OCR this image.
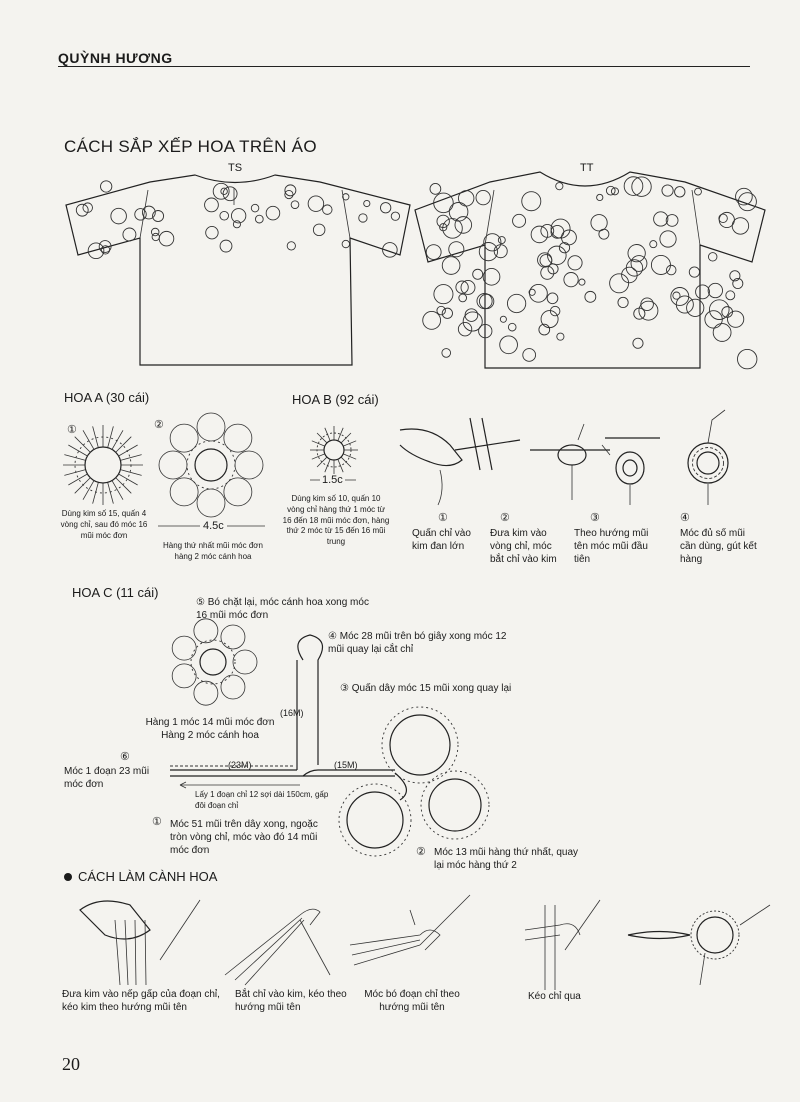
QUỲNH HƯƠNG
CÁCH SẮP XẾP HOA TRÊN ÁO
TS	TT
HOA A (30 cái)
①	②
Dùng kim số 15, quấn 4 vòng chỉ, sau đó móc 16 mũi móc đơn
4.5c
Hàng thứ nhất mũi móc đơn hàng 2 móc cánh hoa
HOA B (92 cái)
1.5c
Dùng kim số 10, quấn 10 vòng chỉ hàng thứ 1 móc từ 16 đến 18 mũi móc đơn, hàng thứ 2 móc từ 15 đến 16 mũi trung
①
Quấn chỉ vào kim đan lớn
②
Đưa kim vào vòng chỉ, móc bắt chỉ vào kim
③
Theo hướng mũi tên móc mũi đầu tiên
④
Móc đủ số mũi cần dùng, gút kết hàng
HOA C (11 cái)
⑤ Bó chặt lại, móc cánh hoa xong móc 16 mũi móc đơn
④ Móc 28 mũi trên bó giây xong móc 12 mũi quay lại cắt chỉ
③ Quấn dây móc 15 mũi xong quay lại
Hàng 1 móc 14 mũi móc đơn Hàng 2 móc cánh hoa
⑥
Móc 1 đoạn 23 mũi móc đơn
(16M)
(23M)	(15M)
Lấy 1 đoạn chỉ 12 sợi dài 150cm, gấp đôi đoạn chỉ
① Móc 51 mũi trên dây xong, ngoặc tròn vòng chỉ, móc vào đó 14 mũi móc đơn	② Móc 13 mũi hàng thứ nhất, quay lại móc hàng thứ 2
CÁCH LÀM CÀNH HOA
Đưa kim vào nếp gấp của đoạn chỉ, kéo kim theo hướng mũi tên
Bắt chỉ vào kim, kéo theo hướng mũi tên
Móc bó đoạn chỉ theo hướng mũi tên
Kéo chỉ qua
20
